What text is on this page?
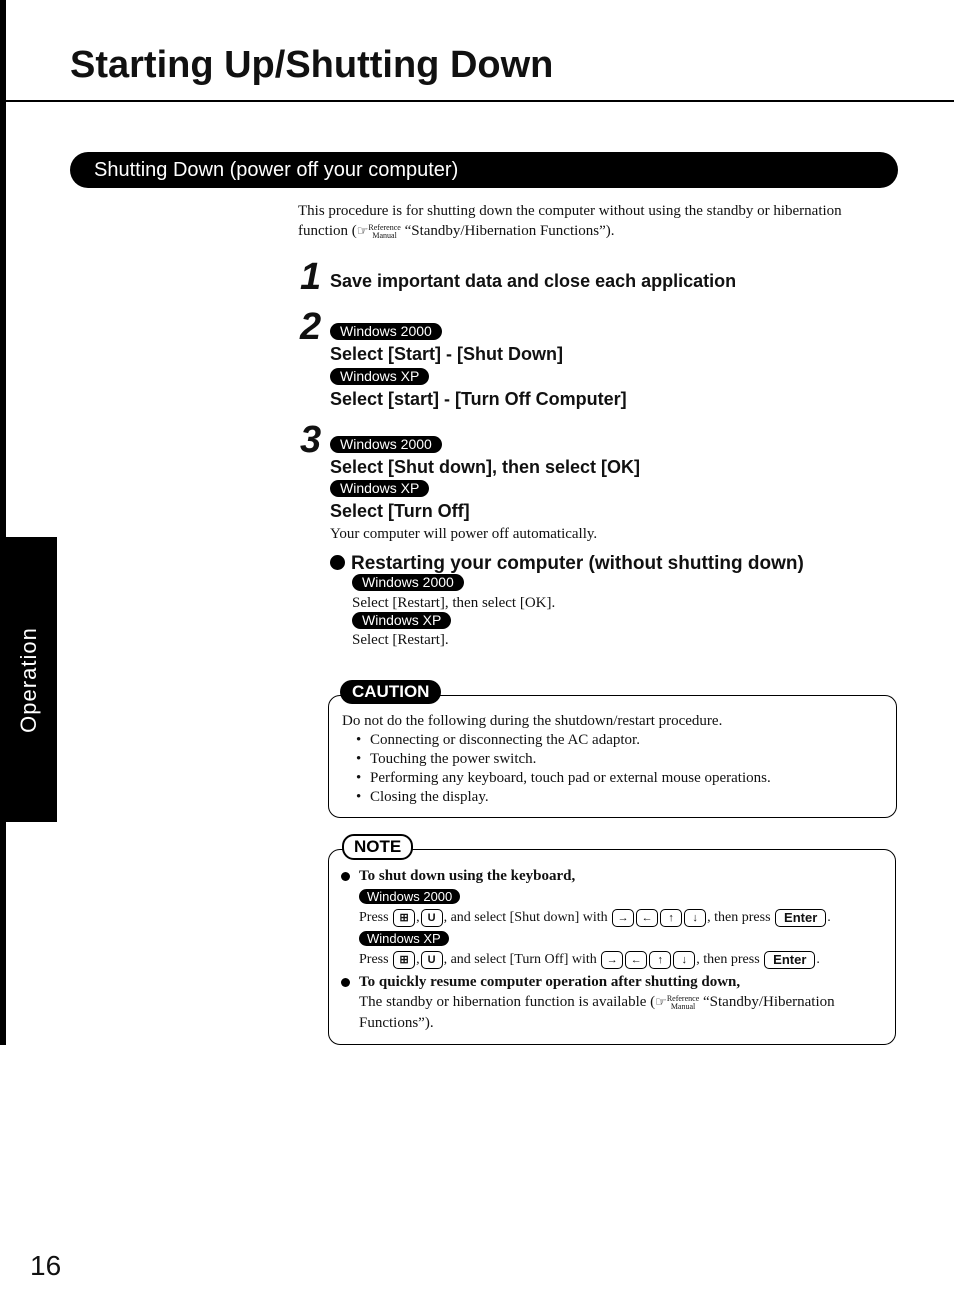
Operation
Starting Up/Shutting Down
Shutting Down (power off your computer)

This procedure is for shutting down the computer without using the standby or hibernation
function (☞Reference
Manual “Standby/Hibernation Functions”).

1 Save important data and close each application

2	Windows 2000

Select [Start] - [Shut Down]

Windows XP

Select [start] - [Turn Off Computer]

3	Windows 2000

Select [Shut down], then select [OK]

Windows XP

Select [Turn Off]

Your computer will power off automatically.

Restarting your computer (without shutting down)

Windows 2000

Select [Restart], then select [OK].

Windows XP

Select [Restart].

Do not do the following during the shutdown/restart procedure.
• Connecting or disconnecting the AC adaptor.
• Touching the power switch.
• Performing any keyboard, touch pad or external mouse operations.
• Closing the display.
CAUTION
To shut down using the keyboard,
Windows 2000
Press ⊞ , U , and select [Shut down] with → ← ↑ ↓ , then press Enter .
Windows XP
Press ⊞ , U , and select [Turn Off] with → ← ↑ ↓ , then press Enter .
To quickly resume computer operation after shutting down,
The standby or hibernation function is available (☞Reference
Manual “Standby/Hibernation
Functions”).
NOTE
16
